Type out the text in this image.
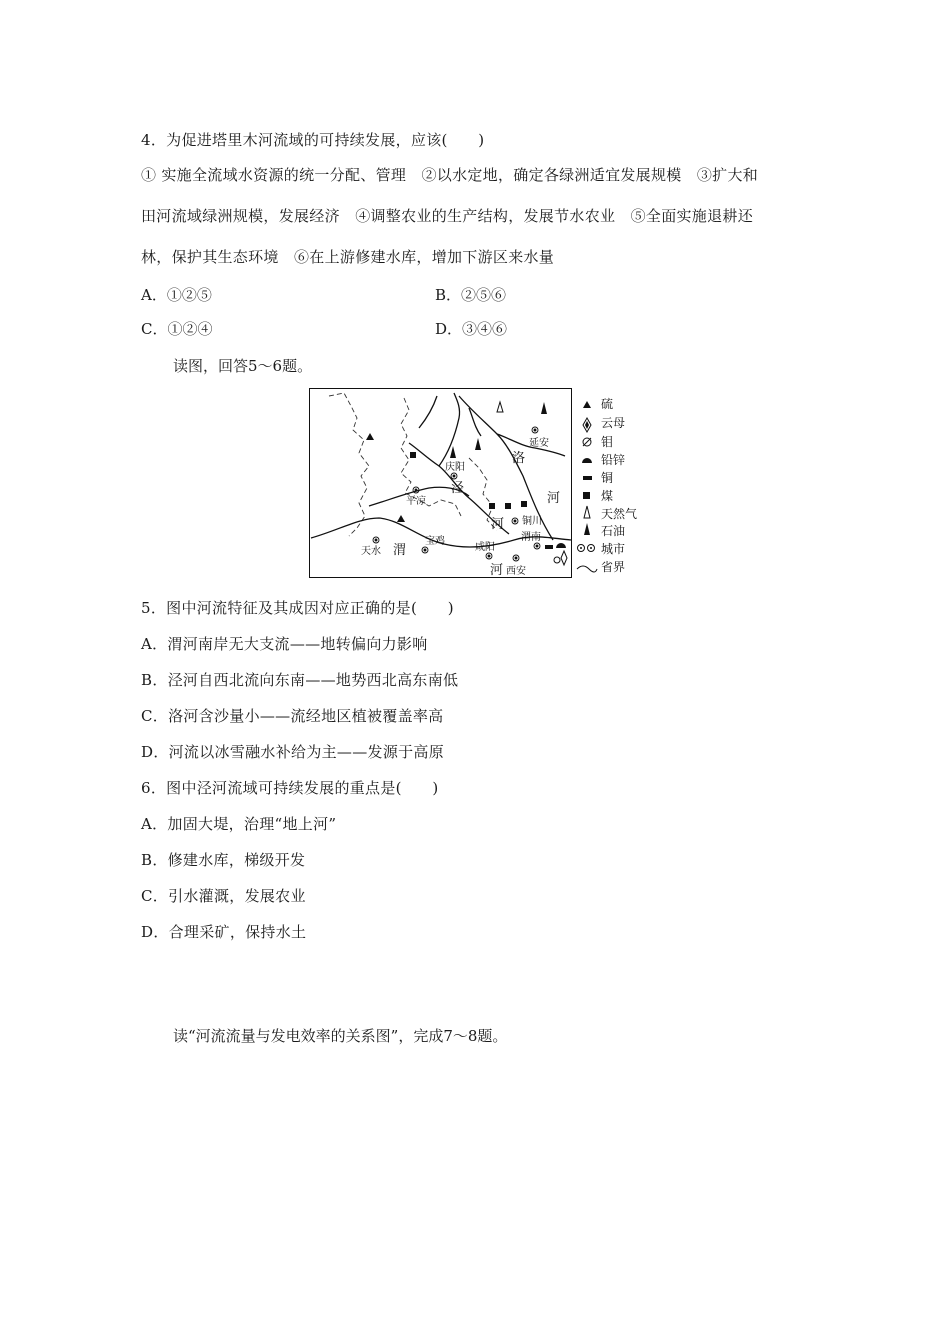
4．为促进塔里木河流域的可持续发展，应该(　　)
① 实施全流域水资源的统一分配、管理　②以水定地，确定各绿洲适宜发展规模　③扩大和
田河流域绿洲规模，发展经济　④调整农业的生产结构，发展节水农业　⑤全面实施退耕还
林，保护其生态环境　⑥在上游修建水库，增加下游区来水量
A．①②⑤	B．②⑤⑥
C．①②④	D．③④⑥
读图，回答5～6题。
延安
庆阳
平凉
铜川
渭南
天水
宝鸡
咸阳
西安
洛
河
泾
河
渭
河
硫
云母
钼
铅锌
铜
煤
天然气
石油
城市
省界
5．图中河流特征及其成因对应正确的是(　　)
A．渭河南岸无大支流——地转偏向力影响
B．泾河自西北流向东南——地势西北高东南低
C．洛河含沙量小——流经地区植被覆盖率高
D．河流以冰雪融水补给为主——发源于高原
6．图中泾河流域可持续发展的重点是(　　)
A．加固大堤，治理“地上河”
B．修建水库，梯级开发
C．引水灌溉，发展农业
D．合理采矿，保持水土
读“河流流量与发电效率的关系图”，完成7～8题。
